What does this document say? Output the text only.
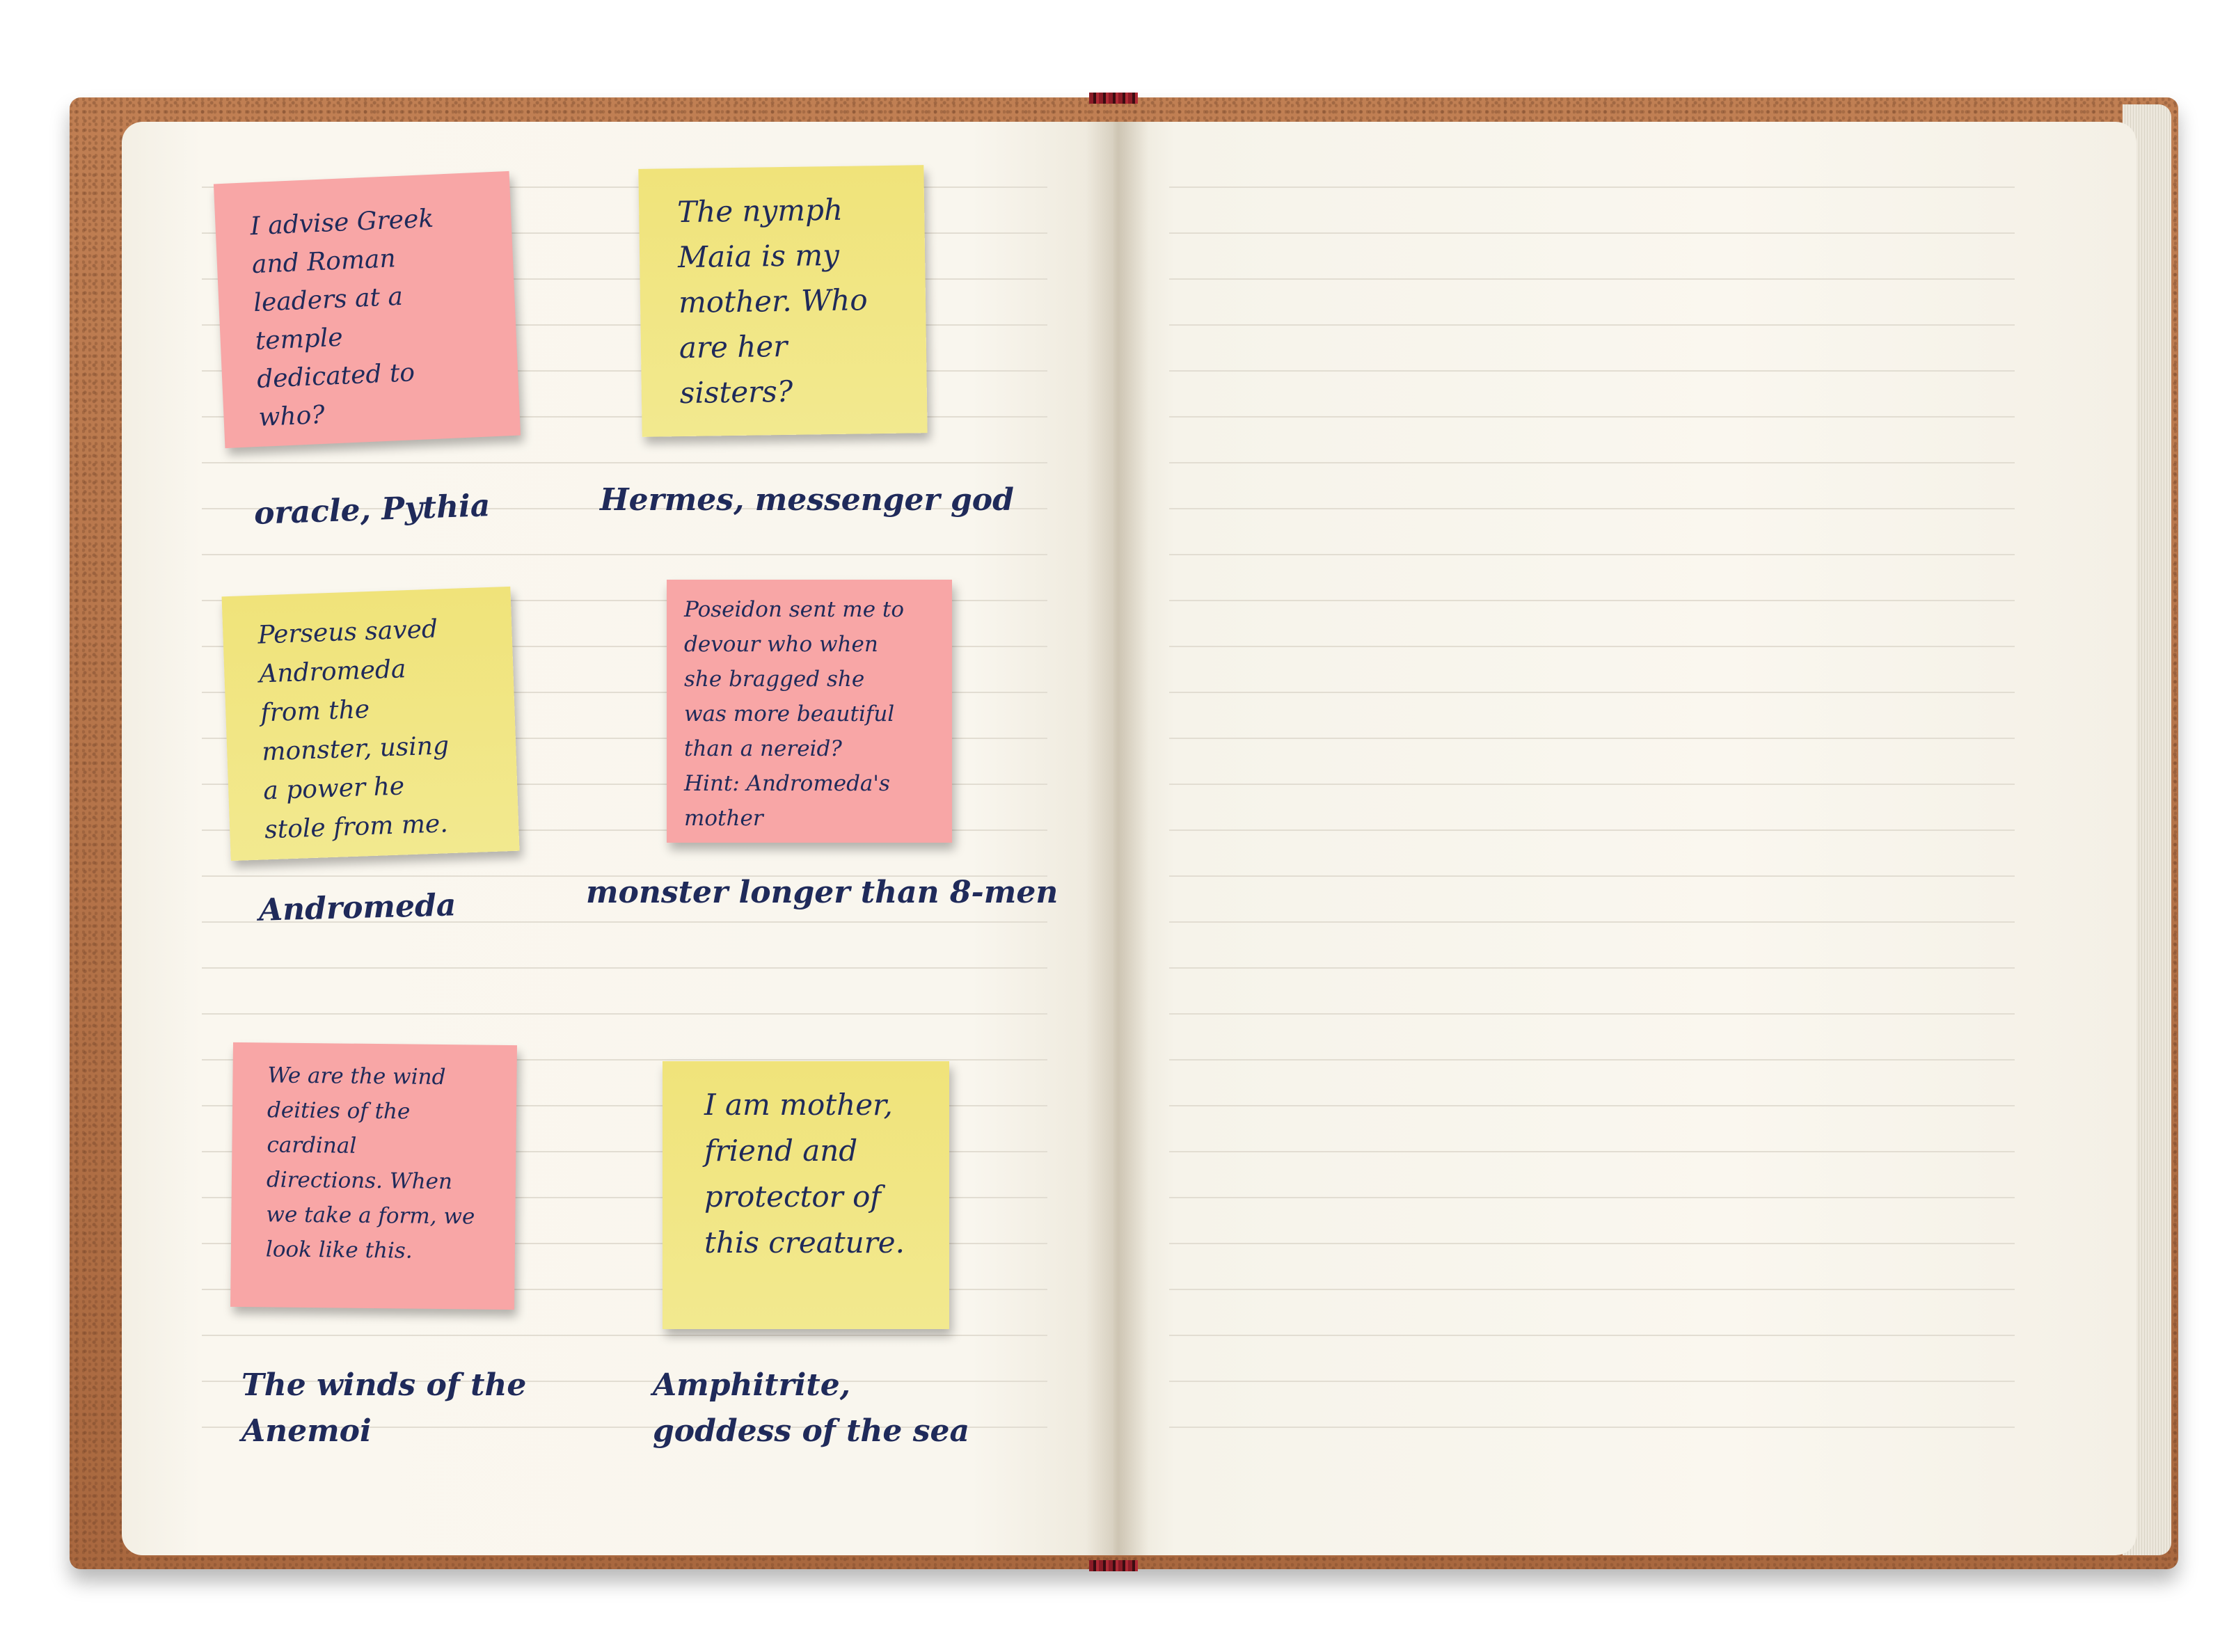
I advise Greek
and Roman
leaders at a
temple
dedicated to
who?
The nymph
Maia is my
mother. Who
are her
sisters?
Perseus saved
Andromeda
from the
monster, using
a power he
stole from me.
Poseidon sent me to
devour who when
she bragged she
was more beautiful
than a nereid?
Hint: Andromeda's
mother
We are the wind
deities of the
cardinal
directions. When
we take a form, we
look like this.
I am mother,
friend and
protector of
this creature.
oracle, Pythia	Hermes, messenger god
Andromeda	monster longer than 8-men
The winds of the
Anemoi
Amphitrite,
goddess of the sea
